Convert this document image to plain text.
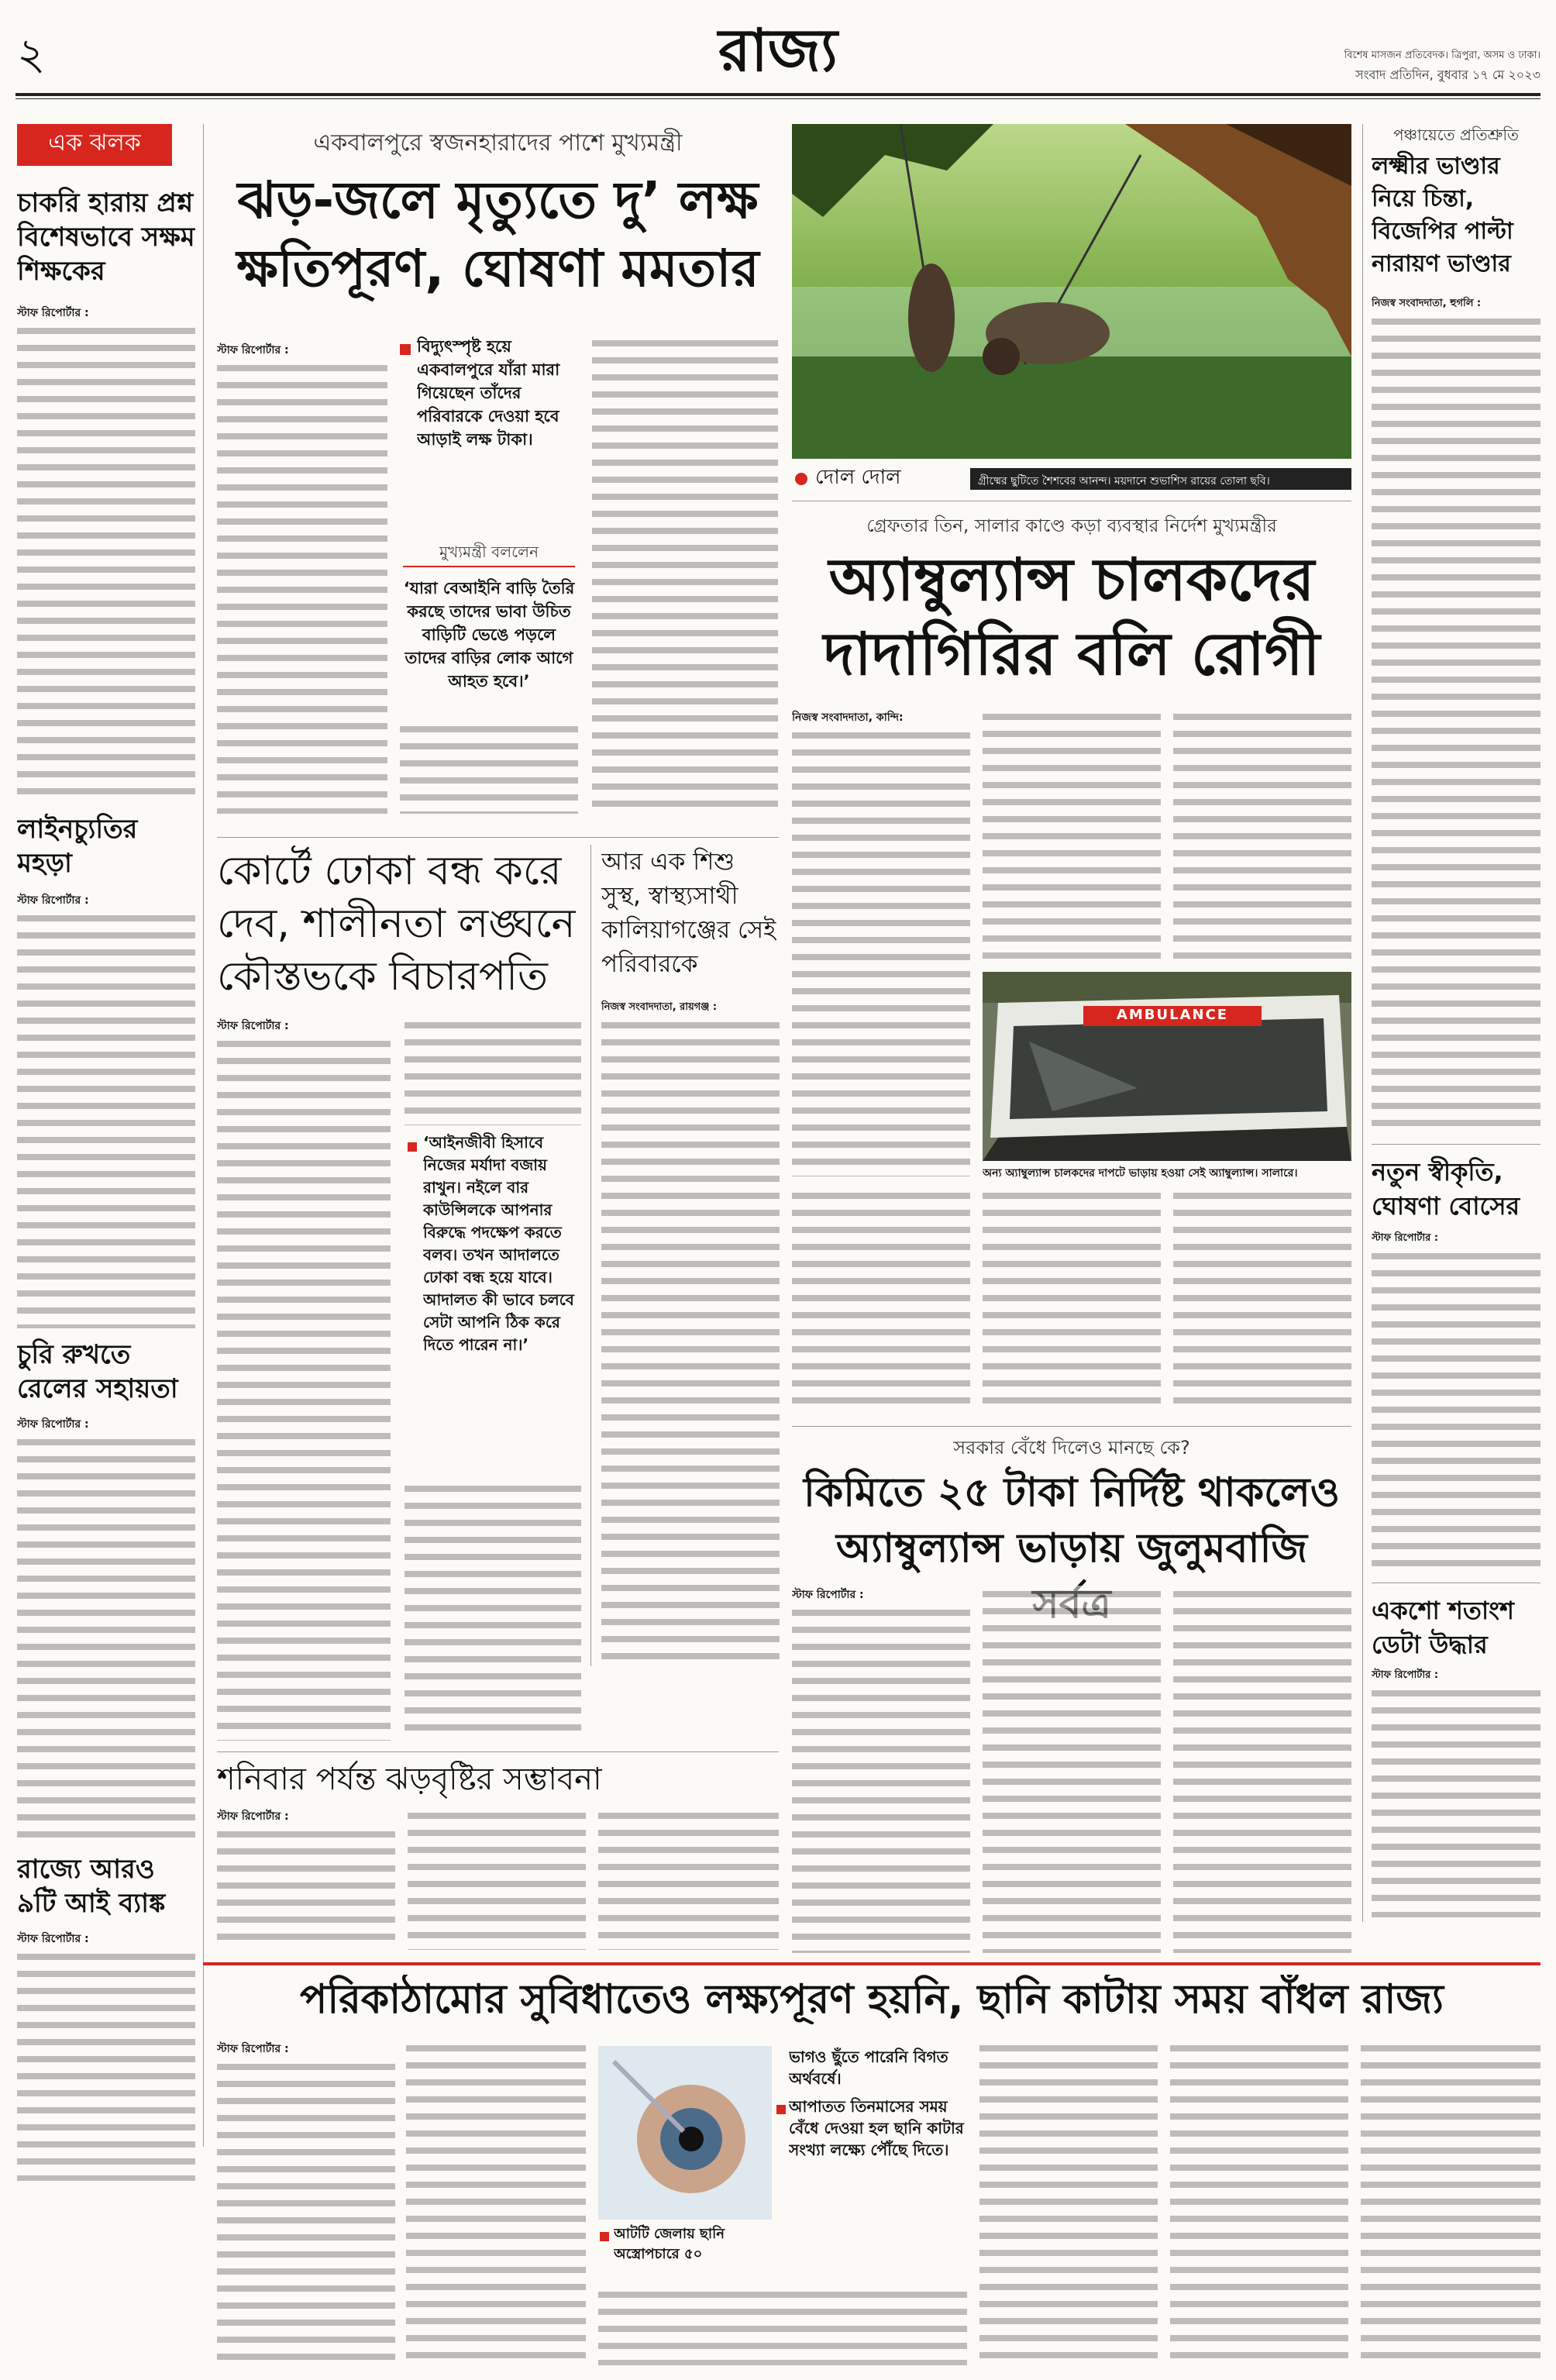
২	রাজ্য	বিশেষ মাসজন প্রতিবেদক। ত্রিপুরা, অসম ও ঢাকা।
সংবাদ প্রতিদিন, বুধবার ১৭ মে ২০২৩
এক ঝলক
চাকরি হারায় প্রশ্ন বিশেষভাবে সক্ষম শিক্ষকের
স্টাফ রিপোর্টার :
লাইনচ্যুতির মহড়া
স্টাফ রিপোর্টার :
চুরি রুখতে রেলের সহায়তা
স্টাফ রিপোর্টার :
রাজ্যে আরও ৯টি আই ব্যাঙ্ক
স্টাফ রিপোর্টার :
একবালপুরে স্বজনহারাদের পাশে মুখ্যমন্ত্রী
ঝড়-জলে মৃত্যুতে দু’ লক্ষ
ক্ষতিপূরণ, ঘোষণা মমতার
স্টাফ রিপোর্টার :	বিদ্যুৎস্পৃষ্ট হয়ে একবালপুরে যাঁরা মারা গিয়েছেন তাঁদের পরিবারকে দেওয়া হবে আড়াই লক্ষ টাকা।
মুখ্যমন্ত্রী বললেন
‘যারা বেআইনি বাড়ি তৈরি করছে তাদের ভাবা উচিত বাড়িটি ভেঙে পড়লে তাদের বাড়ির লোক আগে আহত হবে।’
দোল দোল	গ্রীষ্মের ছুটিতে শৈশবের আনন্দ। ময়দানে শুভাশিস রায়ের তোলা ছবি।
গ্রেফতার তিন, সালার কাণ্ডে কড়া ব্যবস্থার নির্দেশ মুখ্যমন্ত্রীর
অ্যাম্বুল্যান্স চালকদের
দাদাগিরির বলি রোগী
নিজস্ব সংবাদদাতা, কান্দি:
AMBULANCE
অন্য অ্যাম্বুল্যান্স চালকদের দাপটে ভাড়ায় হওয়া সেই অ্যাম্বুল্যান্স। সালারে।
পঞ্চায়েতে প্রতিশ্রুতি
লক্ষ্মীর ভাণ্ডার নিয়ে চিন্তা, বিজেপির পাল্টা নারায়ণ ভাণ্ডার
নিজস্ব সংবাদদাতা, হুগলি :
নতুন স্বীকৃতি, ঘোষণা বোসের
স্টাফ রিপোর্টার :
একশো শতাংশ ডেটা উদ্ধার
স্টাফ রিপোর্টার :
কোর্টে ঢোকা বন্ধ করে
দেব, শালীনতা লঙ্ঘনে
কৌস্তভকে বিচারপতি
স্টাফ রিপোর্টার :
‘আইনজীবী হিসাবে নিজের মর্যাদা বজায় রাখুন। নইলে বার কাউন্সিলকে আপনার বিরুদ্ধে পদক্ষেপ করতে বলব। তখন আদালতে ঢোকা বন্ধ হয়ে যাবে। আদালত কী ভাবে চলবে সেটা আপনি ঠিক করে দিতে পারেন না।’
আর এক শিশু সুস্থ, স্বাস্থ্যসাথী কালিয়াগঞ্জের সেই পরিবারকে
নিজস্ব সংবাদদাতা, রায়গঞ্জ :
শনিবার পর্যন্ত ঝড়বৃষ্টির সম্ভাবনা
স্টাফ রিপোর্টার :
সরকার বেঁধে দিলেও মানছে কে?
কিমিতে ২৫ টাকা নির্দিষ্ট থাকলেও
অ্যাম্বুল্যান্স ভাড়ায় জুলুমবাজি
স্টাফ রিপোর্টার :
পরিকাঠামোর সুবিধাতেও লক্ষ্যপূরণ হয়নি, ছানি কাটায় সময় বাঁধল রাজ্য
স্টাফ রিপোর্টার :
আটটি জেলায় ছানি অস্ত্রোপচারে ৫০
ভাগও ছুঁতে পারেনি বিগত অর্থবর্ষে।
আপাতত তিনমাসের সময় বেঁধে দেওয়া হল ছানি কাটার সংখ্যা লক্ষ্যে পৌঁছে দিতে।
